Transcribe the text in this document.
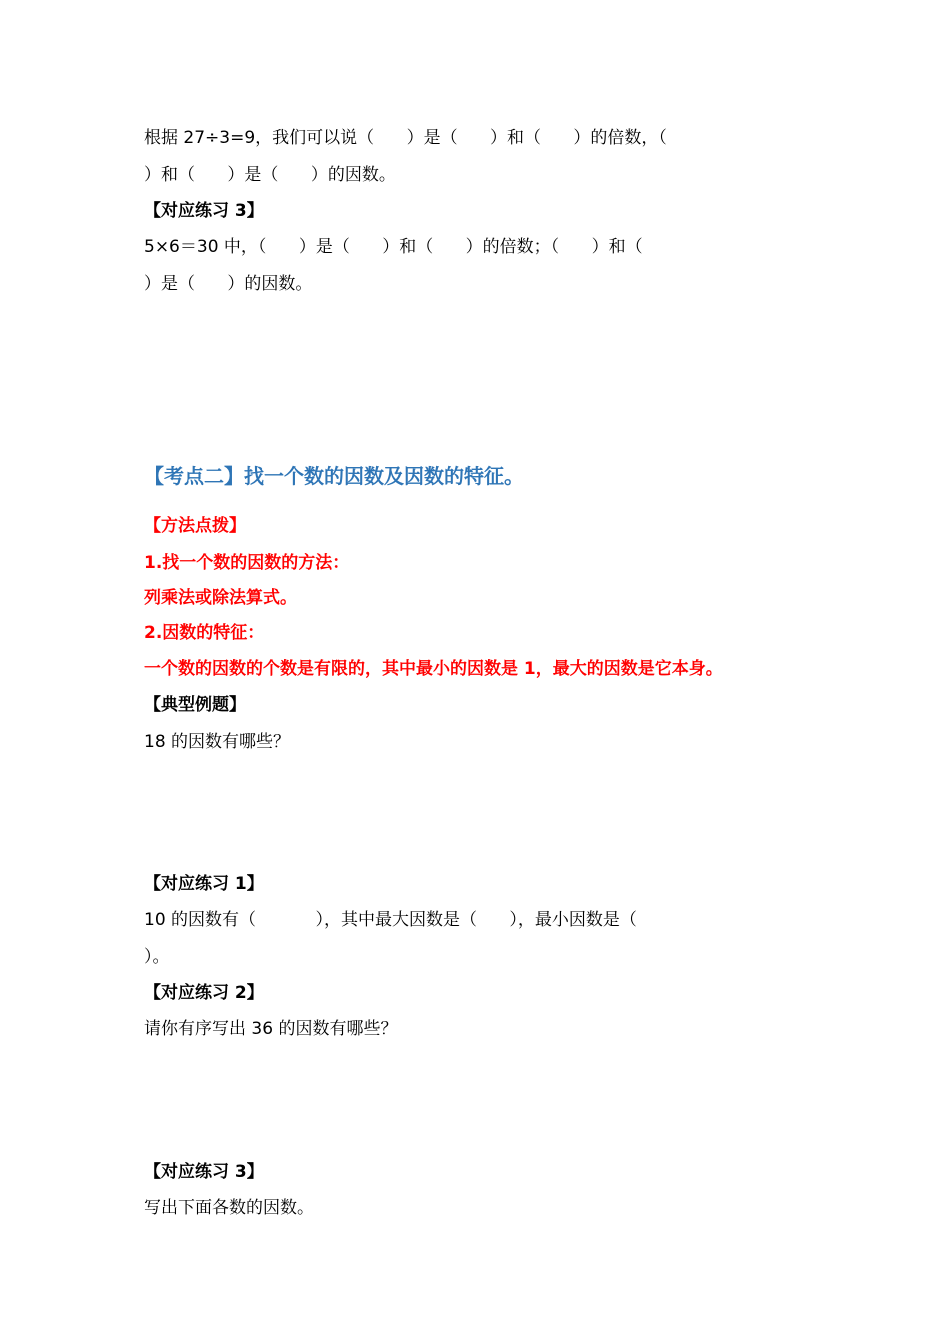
根据 27÷3=9，我们可以说（      ）是（      ）和（      ）的倍数，（
）和（      ）是（      ）的因数。
【对应练习 3】
5×6＝30 中，（      ）是（      ）和（      ）的倍数；（      ）和（
）是（      ）的因数。
【考点二】找一个数的因数及因数的特征。
【方法点拨】
1.找一个数的因数的方法：
列乘法或除法算式。
2.因数的特征：
一个数的因数的个数是有限的，其中最小的因数是 1，最大的因数是它本身。
【典型例题】
18 的因数有哪些？
【对应练习 1】
10 的因数有（           ），其中最大因数是（      ），最小因数是（
）。
【对应练习 2】
请你有序写出 36 的因数有哪些？
【对应练习 3】
写出下面各数的因数。
